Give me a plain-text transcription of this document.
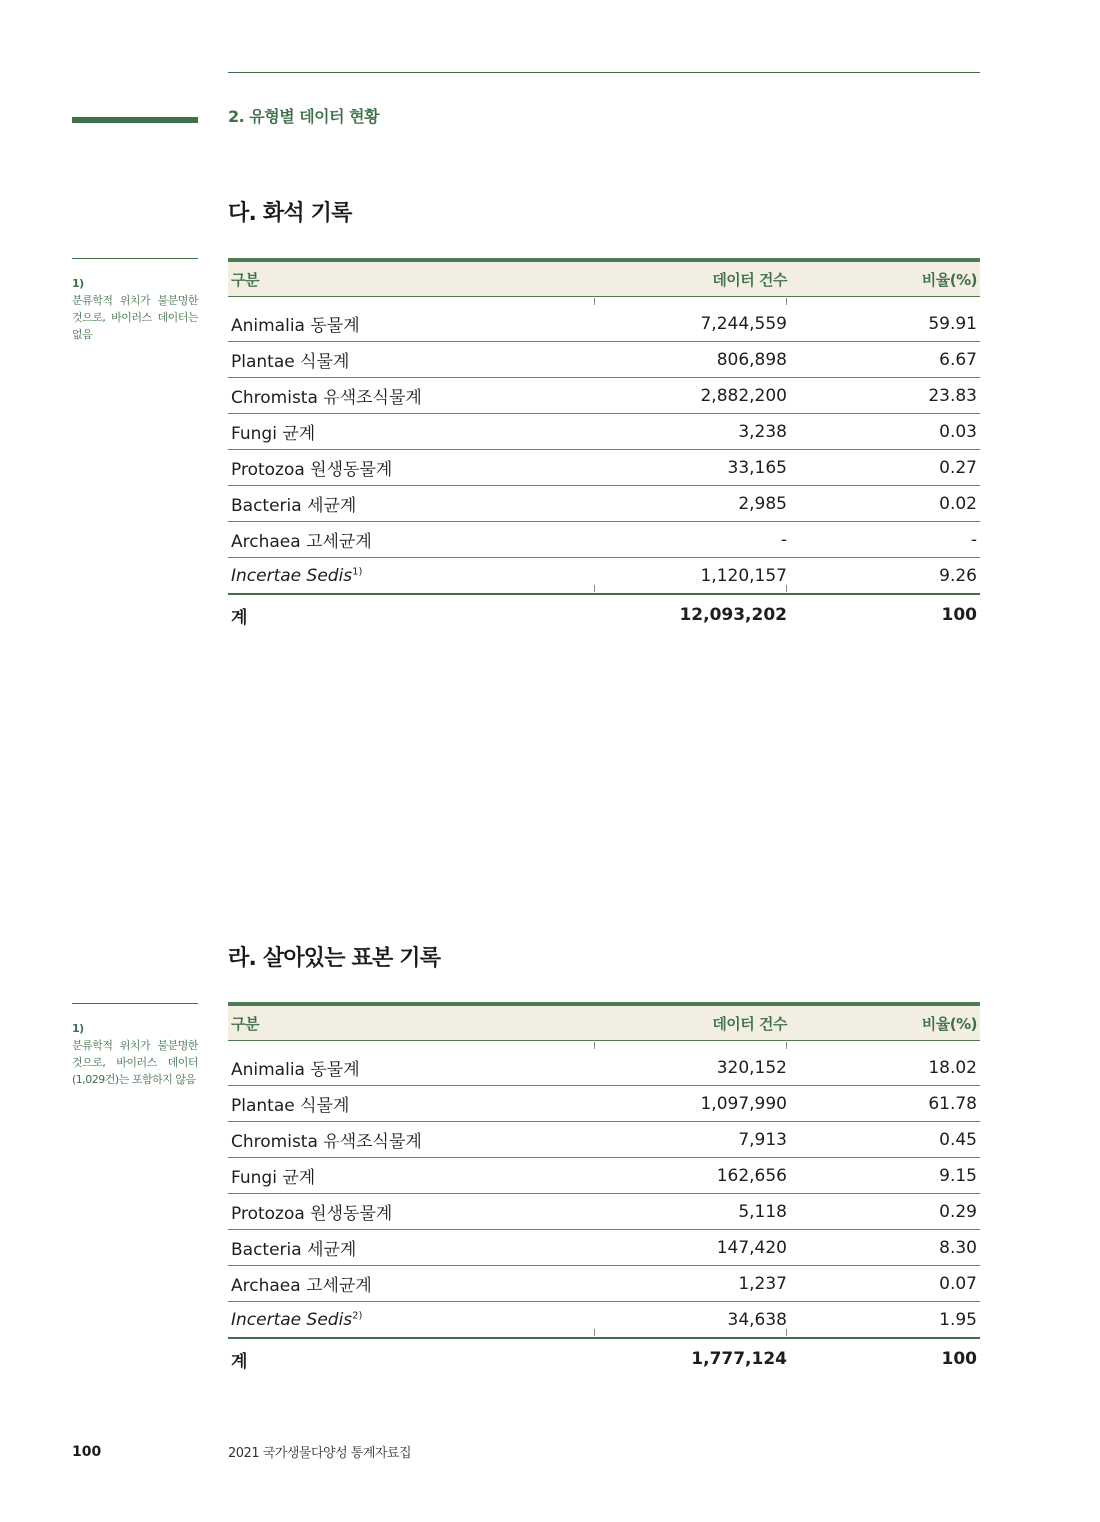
2. 유형별 데이터 현황
다. 화석 기록
1)
분류학적 위치가 불분명한 것으로, 바이러스 데이터는 없음
구분	데이터 건수	비율(%)
Animalia 동물계	7,244,559	59.91
Plantae 식물계	806,898	6.67
Chromista 유색조식물계	2,882,200	23.83
Fungi 균계	3,238	0.03
Protozoa 원생동물계	33,165	0.27
Bacteria 세균계	2,985	0.02
Archaea 고세균계	-	-
Incertae Sedis$^{1)}$	1,120,157	9.26
계	12,093,202	100
라. 살아있는 표본 기록
1)
분류학적 위치가 불분명한 것으로, 바이러스 데이터 (1,029건)는 포함하지 않음
구분	데이터 건수	비율(%)
Animalia 동물계	320,152	18.02
Plantae 식물계	1,097,990	61.78
Chromista 유색조식물계	7,913	0.45
Fungi 균계	162,656	9.15
Protozoa 원생동물계	5,118	0.29
Bacteria 세균계	147,420	8.30
Archaea 고세균계	1,237	0.07
Incertae Sedis$^{2)}$	34,638	1.95
계	1,777,124	100
100	2021 국가생물다양성 통계자료집
